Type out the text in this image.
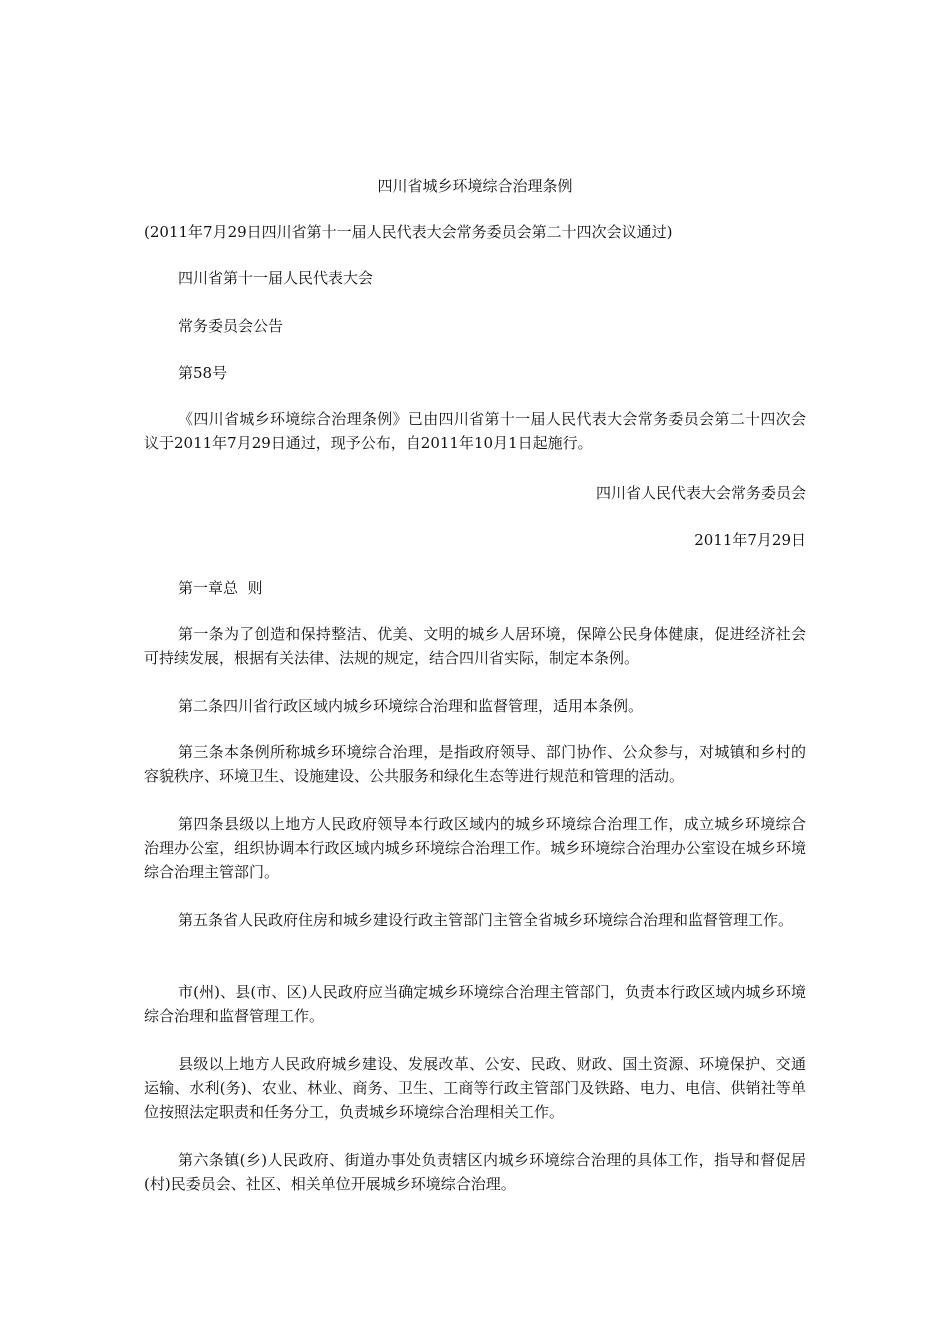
四川省城乡环境综合治理条例
(2011年7月29日四川省第十一届人民代表大会常务委员会第二十四次会议通过)
四川省第十一届人民代表大会
常务委员会公告
第58号
《四川省城乡环境综合治理条例》已由四川省第十一届人民代表大会常务委员会第二十四次会议于2011年7月29日通过，现予公布，自2011年10月1日起施行。
四川省人民代表大会常务委员会
2011年7月29日
第一章总  则
第一条为了创造和保持整洁、优美、文明的城乡人居环境，保障公民身体健康，促进经济社会可持续发展，根据有关法律、法规的规定，结合四川省实际，制定本条例。
第二条四川省行政区域内城乡环境综合治理和监督管理，适用本条例。
第三条本条例所称城乡环境综合治理，是指政府领导、部门协作、公众参与，对城镇和乡村的容貌秩序、环境卫生、设施建设、公共服务和绿化生态等进行规范和管理的活动。
第四条县级以上地方人民政府领导本行政区域内的城乡环境综合治理工作，成立城乡环境综合治理办公室，组织协调本行政区域内城乡环境综合治理工作。城乡环境综合治理办公室设在城乡环境综合治理主管部门。
第五条省人民政府住房和城乡建设行政主管部门主管全省城乡环境综合治理和监督管理工作。
市(州)、县(市、区)人民政府应当确定城乡环境综合治理主管部门，负责本行政区域内城乡环境综合治理和监督管理工作。
县级以上地方人民政府城乡建设、发展改革、公安、民政、财政、国土资源、环境保护、交通运输、水利(务)、农业、林业、商务、卫生、工商等行政主管部门及铁路、电力、电信、供销社等单位按照法定职责和任务分工，负责城乡环境综合治理相关工作。
第六条镇(乡)人民政府、街道办事处负责辖区内城乡环境综合治理的具体工作，指导和督促居(村)民委员会、社区、相关单位开展城乡环境综合治理。
